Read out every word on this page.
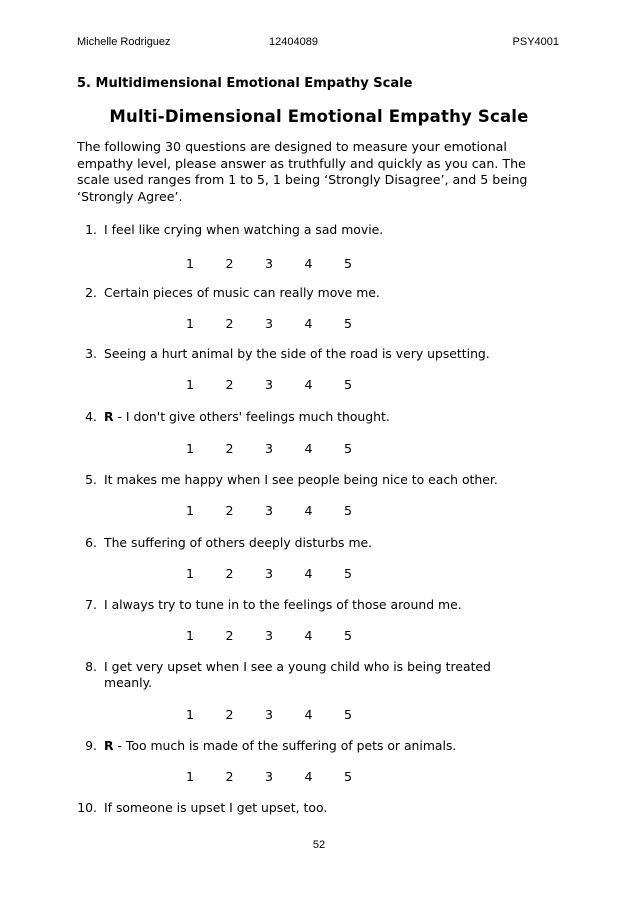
Michelle Rodriguez	12404089	PSY4001
5. Multidimensional Emotional Empathy Scale
Multi-Dimensional Emotional Empathy Scale
The following 30 questions are designed to measure your emotional empathy level, please answer as truthfully and quickly as you can. The scale used ranges from 1 to 5, 1 being ‘Strongly Disagree’, and 5 being ‘Strongly Agree’.
1. I feel like crying when watching a sad movie.
1 2 3 4 5
2. Certain pieces of music can really move me.
1 2 3 4 5
3. Seeing a hurt animal by the side of the road is very upsetting.
1 2 3 4 5
4. R - I don't give others' feelings much thought.
1 2 3 4 5
5. It makes me happy when I see people being nice to each other.
1 2 3 4 5
6. The suffering of others deeply disturbs me.
1 2 3 4 5
7. I always try to tune in to the feelings of those around me.
1 2 3 4 5
8. I get very upset when I see a young child who is being treated meanly.
1 2 3 4 5
9. R - Too much is made of the suffering of pets or animals.
1 2 3 4 5
10. If someone is upset I get upset, too.
52
